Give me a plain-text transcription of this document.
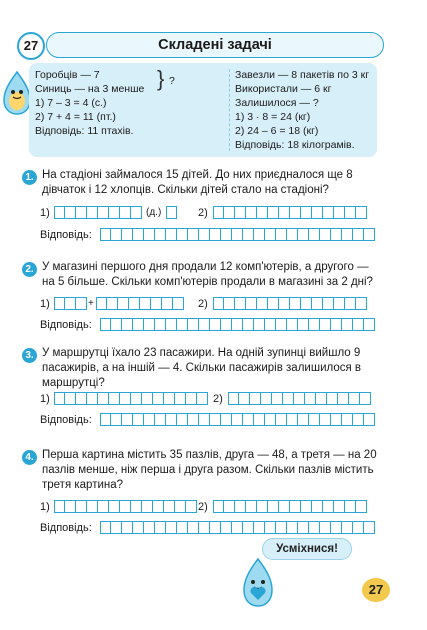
27	Складені задачі
Горобців — 7
Синиць — на 3 менше } ?
1) 7 – 3 = 4 (с.)
2) 7 + 4 = 11 (пт.)
Відповідь: 11 птахів.
Завезли — 8 пакетів по 3 кг
Використали — 6 кг
Залишилося — ?
1) 3 · 8 = 24 (кг)
2) 24 – 6 = 18 (кг)
Відповідь: 18 кілограмів.
1. На стадіоні займалося 15 дітей. До них приєдналося ще 8 дівчаток і 12 хлопців. Скільки дітей стало на стадіоні?
1)	(д.)	2)
Відповідь:
2. У магазині першого дня продали 12 комп'ютерів, а другого — на 5 більше. Скільки комп'ютерів продали в магазині за 2 дні?
1)	+	2)
Відповідь:
3. У маршрутці їхало 23 пасажири. На одній зупинці вийшло 9 пасажирів, а на іншій — 4. Скільки пасажирів залишилося в маршрутці?
1)	2)
Відповідь:
4. Перша картина містить 35 пазлів, друга — 48, а третя — на 20 пазлів менше, ніж перша і друга разом. Скільки пазлів містить третя картина?
1)	2)
Відповідь:
Усміхнися!
27
